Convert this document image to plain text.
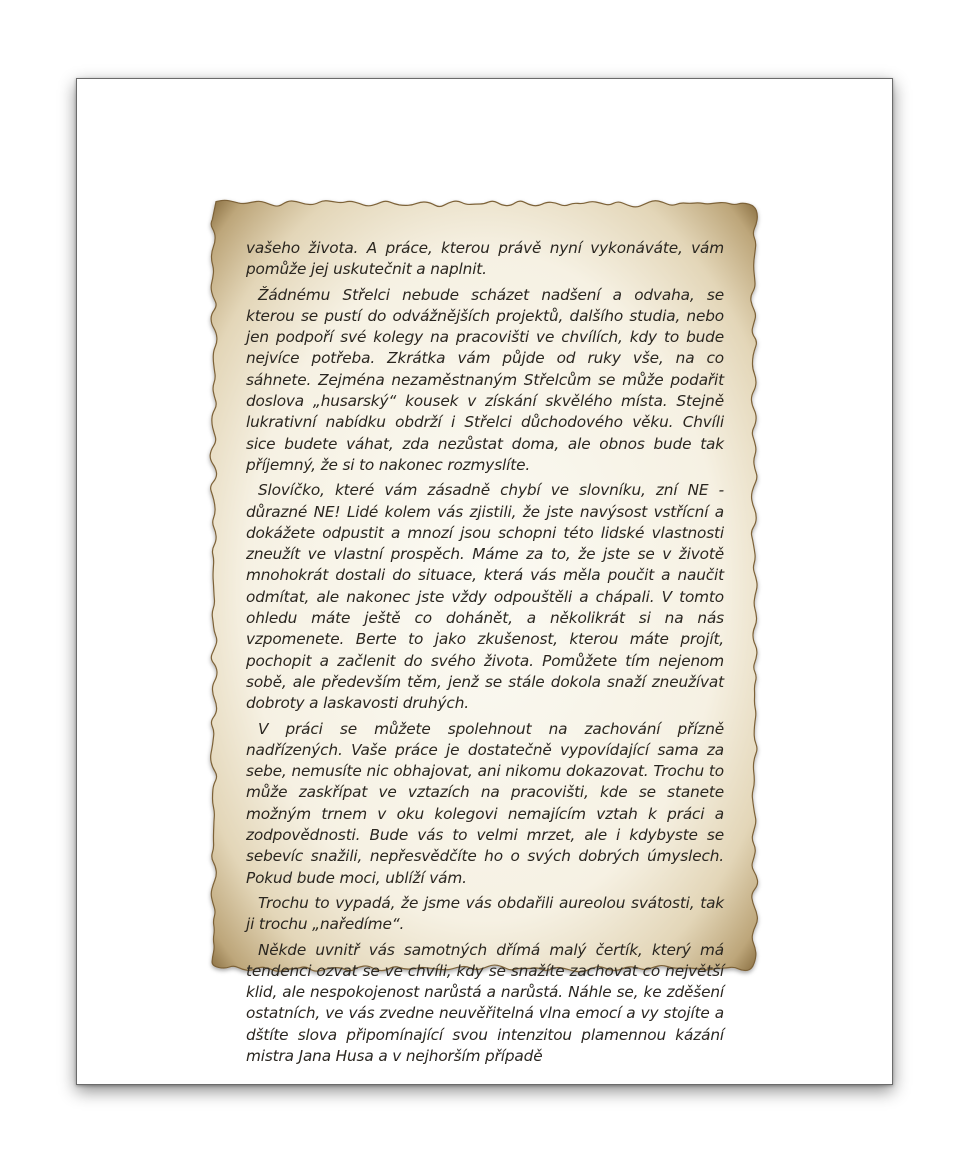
vašeho života. A práce, kterou právě nyní vykonáváte, vám pomůže jej uskutečnit a naplnit.

Žádnému Střelci nebude scházet nadšení a odvaha, se kterou se pustí do odvážnějších projektů, dalšího studia, nebo jen podpoří své kolegy na pracovišti ve chvílích, kdy to bude nejvíce potřeba. Zkrátka vám půjde od ruky vše, na co sáhnete. Zejména nezaměstnaným Střelcům se může podařit doslova „husarský“ kousek v získání skvělého místa. Stejně lukrativní nabídku obdrží i Střelci důchodového věku. Chvíli sice budete váhat, zda nezůstat doma, ale obnos bude tak příjemný, že si to nakonec rozmyslíte.

Slovíčko, které vám zásadně chybí ve slovníku, zní NE - důrazné NE! Lidé kolem vás zjistili, že jste navýsost vstřícní a dokážete odpustit a mnozí jsou schopni této lidské vlastnosti zneužít ve vlastní prospěch. Máme za to, že jste se v životě mnohokrát dostali do situace, která vás měla poučit a naučit odmítat, ale nakonec jste vždy odpouštěli a chápali. V tomto ohledu máte ještě co dohánět, a několikrát si na nás vzpomenete. Berte to jako zkušenost, kterou máte projít, pochopit a začlenit do svého života. Pomůžete tím nejenom sobě, ale především těm, jenž se stále dokola snaží zneužívat dobroty a laskavosti druhých.

V práci se můžete spolehnout na zachování přízně nadřízených. Vaše práce je dostatečně vypovídající sama za sebe, nemusíte nic obhajovat, ani nikomu dokazovat. Trochu to může zaskřípat ve vztazích na pracovišti, kde se stanete možným trnem v oku kolegovi nemajícím vztah k práci a zodpovědnosti. Bude vás to velmi mrzet, ale i kdybyste se sebevíc snažili, nepřesvědčíte ho o svých dobrých úmyslech. Pokud bude moci, ublíží vám.

Trochu to vypadá, že jsme vás obdařili aureolou svátosti, tak ji trochu „naředíme“.

Někde uvnitř vás samotných dřímá malý čertík, který má tendenci ozvat se ve chvíli, kdy se snažíte zachovat co největší klid, ale nespokojenost narůstá a narůstá. Náhle se, ke zděšení ostatních, ve vás zvedne neuvěřitelná vlna emocí a vy stojíte a dštíte slova připomínající svou intenzitou plamennou kázání mistra Jana Husa a v nejhorším případě
